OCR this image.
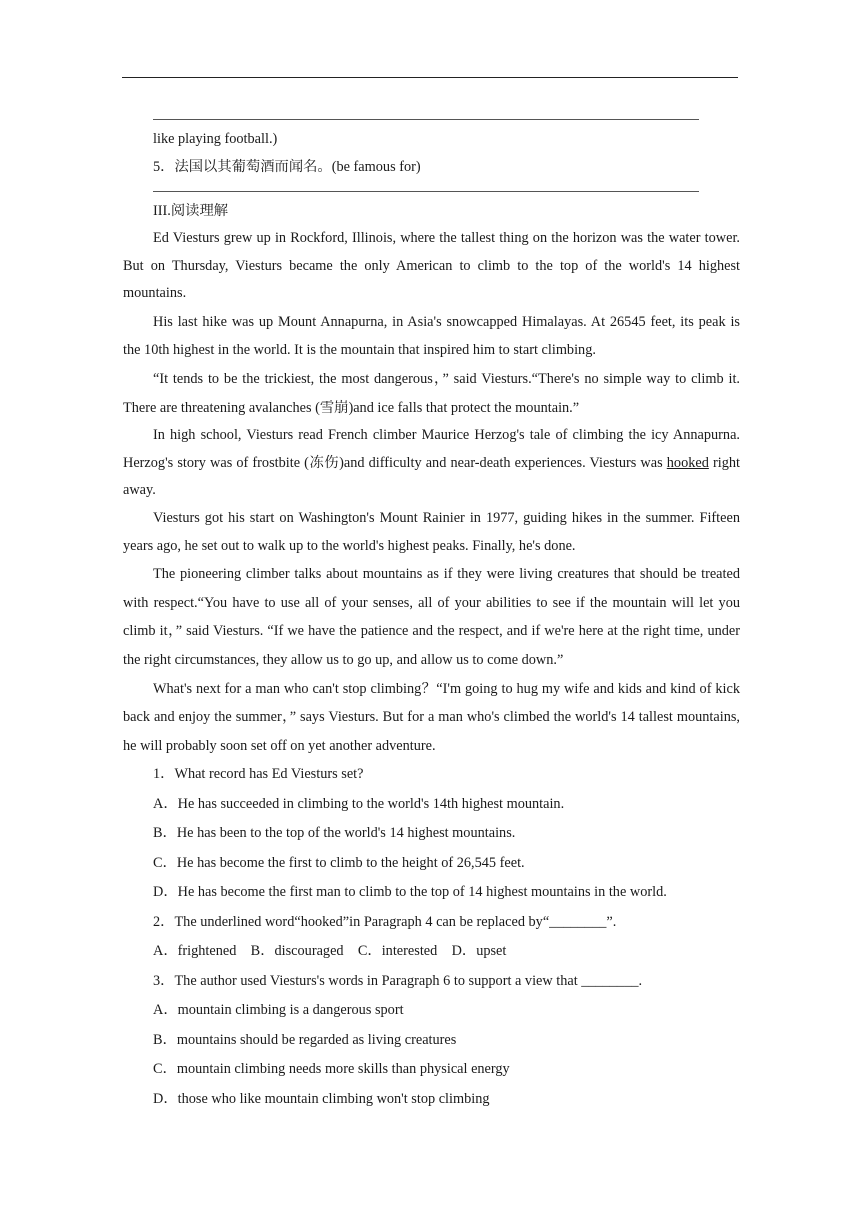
like playing football.)
5．法国以其葡萄酒而闻名。(be famous for)
III.阅读理解

Ed Viesturs grew up in Rockford, Illinois, where the tallest thing on the horizon was the water tower. But on Thursday, Viesturs became the only American to climb to the top of the world's 14 highest mountains.

His last hike was up Mount Annapurna, in Asia's snowcapped Himalayas. At 26545 feet, its peak is the 10th highest in the world. It is the mountain that inspired him to start climbing.

“It tends to be the trickiest, the most dangerous，” said Viesturs.“There's no simple way to climb it. There are threatening avalanches (雪崩)and ice falls that protect the mountain.”

In high school, Viesturs read French climber Maurice Herzog's tale of climbing the icy Annapurna. Herzog's story was of frostbite (冻伤)and difficulty and near-death experiences. Viesturs was hooked right away.

Viesturs got his start on Washington's Mount Rainier in 1977, guiding hikes in the summer. Fifteen years ago, he set out to walk up to the world's highest peaks. Finally, he's done.

The pioneering climber talks about mountains as if they were living creatures that should be treated with respect.“You have to use all of your senses, all of your abilities to see if the mountain will let you climb it，” said Viesturs. “If we have the patience and the respect, and if we're here at the right time, under the right circumstances, they allow us to go up, and allow us to come down.”

What's next for a man who can't stop climbing？“I'm going to hug my wife and kids and kind of kick back and enjoy the summer，” says Viesturs. But for a man who's climbed the world's 14 tallest mountains, he will probably soon set off on yet another adventure.

1．What record has Ed Viesturs set?
A．He has succeeded in climbing to the world's 14th highest mountain.
B．He has been to the top of the world's 14 highest mountains.
C．He has become the first to climb to the height of 26,545 feet.
D．He has become the first man to climb to the top of 14 highest mountains in the world.
2．The underlined word“hooked”in Paragraph 4 can be replaced by“________”.
A．frightened　B．discouraged　C．interested　D．upset
3．The author used Viesturs's words in Paragraph 6 to support a view that ________.
A．mountain climbing is a dangerous sport
B．mountains should be regarded as living creatures
C．mountain climbing needs more skills than physical energy
D．those who like mountain climbing won't stop climbing
